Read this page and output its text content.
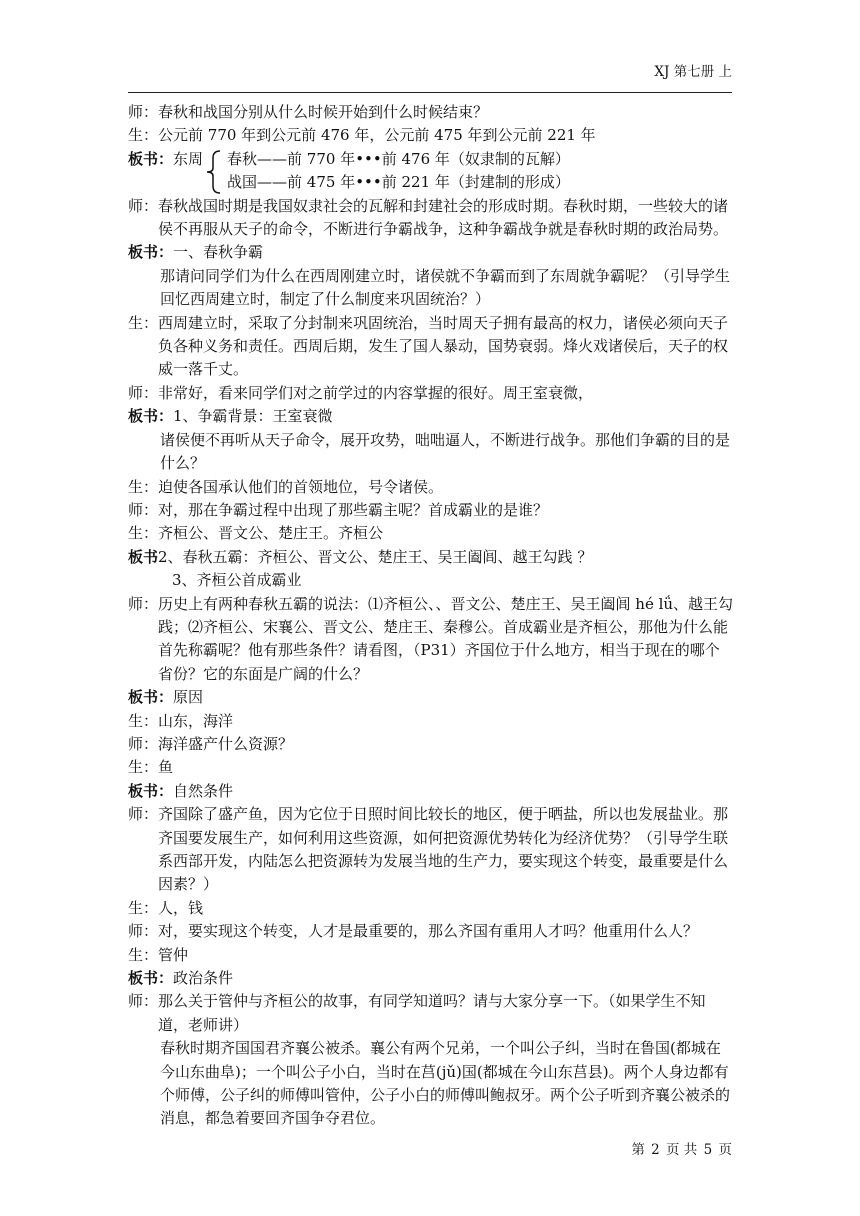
XJ 第七册 上
师： 春秋和战国分别从什么时候开始到什么时候结束？
生： 公元前 770 年到公元前 476 年，公元前 475 年到公元前 221 年
板书： 东周 春秋——前 770 年•••前 476 年（奴隶制的瓦解）
战国——前 475 年•••前 221 年（封建制的形成）
师： 春秋战国时期是我国奴隶社会的瓦解和封建社会的形成时期。春秋时期，一些较大的诸侯不再服从天子的命令，不断进行争霸战争，这种争霸战争就是春秋时期的政治局势。
板书： 一、春秋争霸
那请问同学们为什么在西周刚建立时，诸侯就不争霸而到了东周就争霸呢？（引导学生回忆西周建立时，制定了什么制度来巩固统治？）
生： 西周建立时，采取了分封制来巩固统治，当时周天子拥有最高的权力，诸侯必须向天子负各种义务和责任。西周后期，发生了国人暴动，国势衰弱。烽火戏诸侯后，天子的权威一落千丈。
师： 非常好，看来同学们对之前学过的内容掌握的很好。周王室衰微，
板书： 1、争霸背景：王室衰微
诸侯便不再听从天子命令，展开攻势，咄咄逼人，不断进行战争。那他们争霸的目的是什么？
生： 迫使各国承认他们的首领地位，号令诸侯。
师： 对，那在争霸过程中出现了那些霸主呢？首成霸业的是谁？
生： 齐桓公、晋文公、楚庄王。齐桓公
板书 2、春秋五霸：齐桓公、晋文公、楚庄王、吴王阖闾、越王勾践 ？
3、齐桓公首成霸业
师： 历史上有两种春秋五霸的说法：⑴齐桓公、、晋文公、楚庄王、吴王阖闾 hé lǘ、越王勾践；⑵齐桓公、宋襄公、晋文公、楚庄王、秦穆公。首成霸业是齐桓公，那他为什么能首先称霸呢？他有那些条件？请看图，（P31）齐国位于什么地方，相当于现在的哪个省份？它的东面是广阔的什么？
板书： 原因
生： 山东，海洋
师： 海洋盛产什么资源？
生： 鱼
板书： 自然条件
师： 齐国除了盛产鱼，因为它位于日照时间比较长的地区，便于晒盐，所以也发展盐业。那齐国要发展生产，如何利用这些资源，如何把资源优势转化为经济优势？（引导学生联系西部开发，内陆怎么把资源转为发展当地的生产力，要实现这个转变，最重要是什么因素？）
生： 人，钱
师： 对，要实现这个转变，人才是最重要的，那么齐国有重用人才吗？他重用什么人？
生： 管仲
板书： 政治条件
师： 那么关于管仲与齐桓公的故事，有同学知道吗？请与大家分享一下。（如果学生不知道，老师讲）
春秋时期齐国国君齐襄公被杀。襄公有两个兄弟，一个叫公子纠，当时在鲁国(都城在今山东曲阜)；一个叫公子小白，当时在莒(jǔ)国(都城在今山东莒县)。两个人身边都有个师傅，公子纠的师傅叫管仲，公子小白的师傅叫鲍叔牙。两个公子听到齐襄公被杀的消息，都急着要回齐国争夺君位。
第 2 页 共 5 页
